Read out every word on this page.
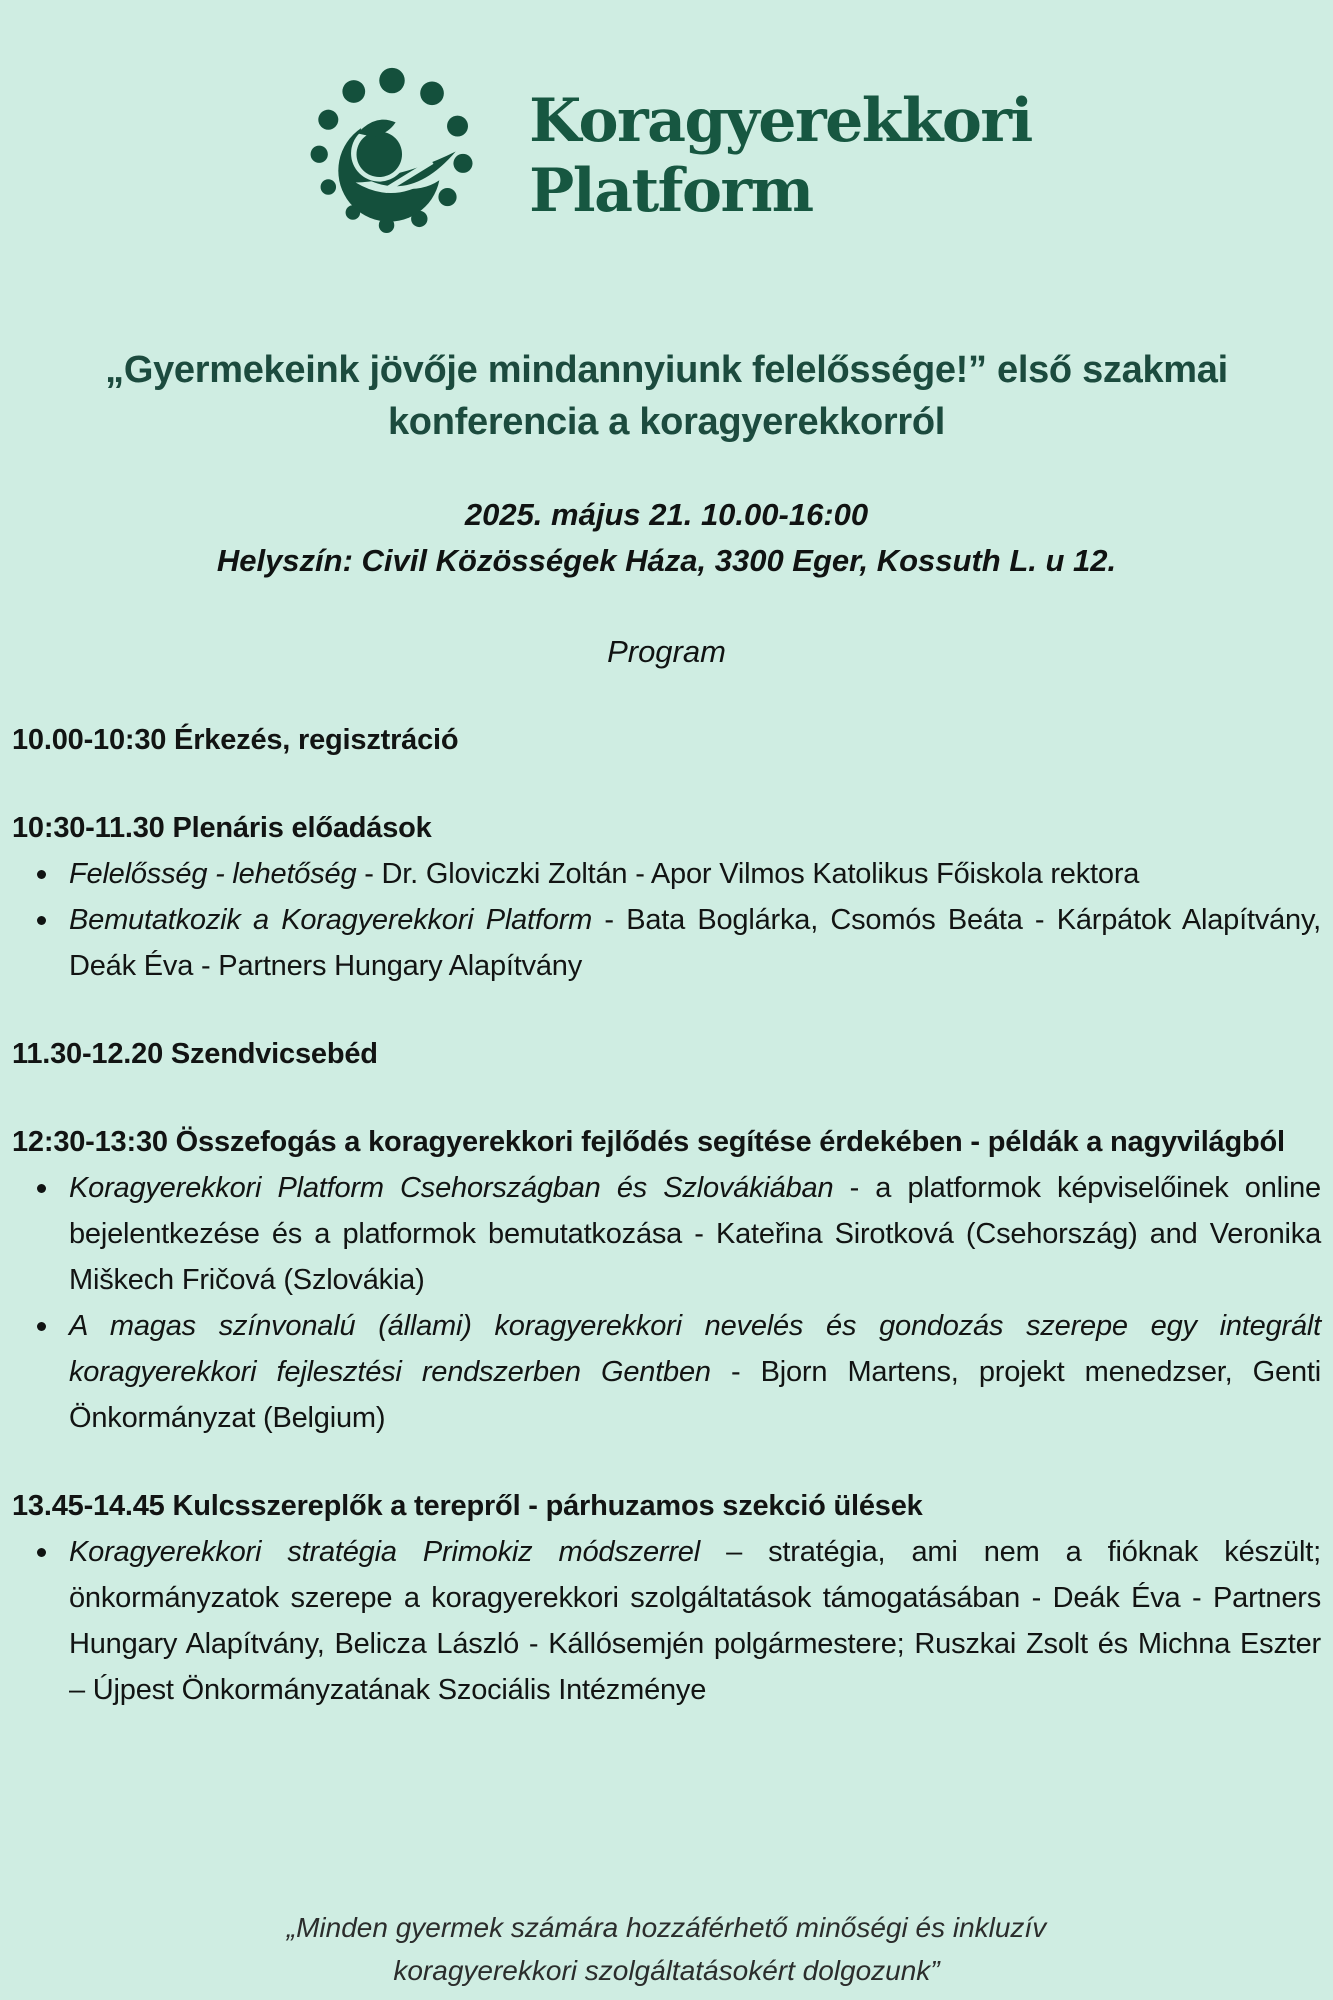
Koragyerekkori
Platform
„Gyermekeink jövője mindannyiunk felelőssége!” első szakmai
konferencia a koragyerekkorról
2025. május 21. 10.00-16:00
Helyszín: Civil Közösségek Háza, 3300 Eger, Kossuth L. u 12.
Program
10.00-10:30 Érkezés, regisztráció
10:30-11.30 Plenáris előadások
Felelősség - lehetőség - Dr. Gloviczki Zoltán - Apor Vilmos Katolikus Főiskola rektora
Bemutatkozik a Koragyerekkori Platform - Bata Boglárka, Csomós Beáta - Kárpátok Alapítvány, Deák Éva - Partners Hungary Alapítvány
11.30-12.20 Szendvicsebéd
12:30-13:30 Összefogás a koragyerekkori fejlődés segítése érdekében - példák a nagyvilágból
Koragyerekkori Platform Csehországban és Szlovákiában - a platformok képviselőinek online bejelentkezése és a platformok bemutatkozása - Kateřina Sirotková (Csehország) and Veronika Miškech Fričová (Szlovákia)
A magas színvonalú (állami) koragyerekkori nevelés és gondozás szerepe egy integrált koragyerekkori fejlesztési rendszerben Gentben - Bjorn Martens, projekt menedzser, Genti Önkormányzat (Belgium)
13.45-14.45 Kulcsszereplők a terepről - párhuzamos szekció ülések
Koragyerekkori stratégia Primokiz módszerrel – stratégia, ami nem a fióknak készült; önkormányzatok szerepe a koragyerekkori szolgáltatások támogatásában - Deák Éva - Partners Hungary Alapítvány, Belicza László - Kállósemjén polgármestere; Ruszkai Zsolt és Michna Eszter – Újpest Önkormányzatának Szociális Intézménye
„Minden gyermek számára hozzáférhető minőségi és inkluzív koragyerekkori szolgáltatásokért dolgozunk”
